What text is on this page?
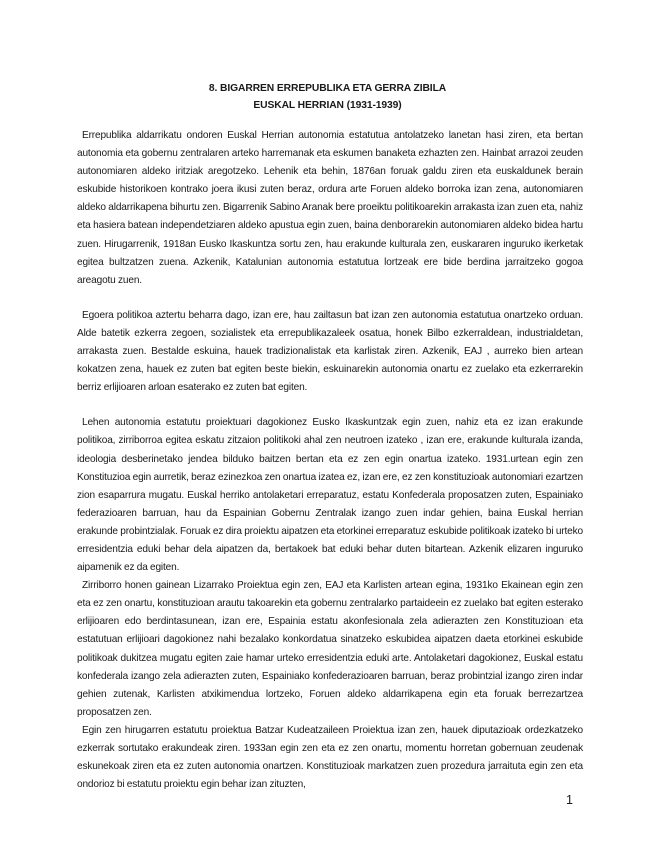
8. BIGARREN ERREPUBLIKA ETA GERRA ZIBILA
EUSKAL HERRIAN (1931-1939)

Errepublika aldarrikatu ondoren Euskal Herrian autonomia estatutua antolatzeko lanetan hasi ziren, eta bertan autonomia eta gobernu zentralaren arteko harremanak eta eskumen banaketa ezhazten zen. Hainbat arrazoi zeuden autonomiaren aldeko iritziak aregotzeko. Lehenik eta behin, 1876an foruak galdu ziren eta euskaldunek berain eskubide historikoen kontrako joera ikusi zuten beraz, ordura arte Foruen aldeko borroka izan zena, autonomiaren aldeko aldarrikapena bihurtu zen. Bigarrenik Sabino Aranak bere proeiktu politikoarekin arrakasta izan zuen eta, nahiz eta hasiera batean independetziaren aldeko apustua egin zuen, baina denborarekin autonomiaren aldeko bidea hartu zuen. Hirugarrenik, 1918an Eusko Ikaskuntza sortu zen, hau erakunde kulturala zen, euskararen inguruko ikerketak egitea bultzatzen zuena. Azkenik, Katalunian autonomia estatutua lortzeak ere bide berdina jarraitzeko gogoa areagotu zuen.

Egoera politikoa aztertu beharra dago, izan ere, hau zailtasun bat izan zen autonomia estatutua onartzeko orduan. Alde batetik ezkerra zegoen, sozialistek eta errepublikazaleek osatua, honek Bilbo ezkerraldean, industrialdetan, arrakasta zuen. Bestalde eskuina, hauek tradizionalistak eta karlistak ziren. Azkenik, EAJ , aurreko bien artean kokatzen zena, hauek ez zuten bat egiten beste biekin, eskuinarekin autonomia onartu ez zuelako eta ezkerrarekin berriz erlijioaren arloan esaterako ez zuten bat egiten.

Lehen autonomia estatutu proiektuari dagokionez Eusko Ikaskuntzak egin zuen, nahiz eta ez izan erakunde politikoa, zirriborroa egitea eskatu zitzaion politikoki ahal zen neutroen izateko , izan ere, erakunde kulturala izanda, ideologia desberinetako jendea bilduko baitzen bertan eta ez zen egin onartua izateko. 1931.urtean egin zen Konstituzioa egin aurretik, beraz ezinezkoa zen onartua izatea ez, izan ere, ez zen konstituzioak autonomiari ezartzen zion esaparrura mugatu. Euskal herriko antolaketari erreparatuz, estatu Konfederala proposatzen zuten, Espainiako federazioaren barruan, hau da Espainian Gobernu Zentralak izango zuen indar gehien, baina Euskal herrian erakunde probintzialak. Foruak ez dira proiektu aipatzen eta etorkinei erreparatuz eskubide politikoak izateko bi urteko erresidentzia eduki behar dela aipatzen da, bertakoek bat eduki behar duten bitartean. Azkenik elizaren inguruko aipamenik ez da egiten.

Zirriborro honen gainean Lizarrako Proiektua egin zen, EAJ eta Karlisten artean egina, 1931ko Ekainean egin zen eta ez zen onartu, konstituzioan arautu takoarekin eta gobernu zentralarko partaideein ez zuelako bat egiten esterako erlijioaren edo berdintasunean, izan ere, Espainia estatu akonfesionala zela adierazten zen Konstituzioan eta estatutuan erlijioari dagokionez nahi bezalako konkordatua sinatzeko eskubidea aipatzen daeta etorkinei eskubide politikoak dukitzea mugatu egiten zaie hamar urteko erresidentzia eduki arte. Antolaketari dagokionez, Euskal estatu konfederala izango zela adierazten zuten, Espainiako konfederazioaren barruan, beraz probintzial izango ziren indar gehien zutenak, Karlisten atxikimendua lortzeko, Foruen aldeko aldarrikapena egin eta foruak berrezartzea proposatzen zen.

Egin zen hirugarren estatutu proiektua Batzar Kudeatzaileen Proiektua izan zen, hauek diputazioak ordezkatzeko ezkerrak sortutako erakundeak ziren. 1933an egin zen eta ez zen onartu, momentu horretan gobernuan zeudenak eskunekoak ziren eta ez zuten autonomia onartzen. Konstituzioak markatzen zuen prozedura jarraituta egin zen eta ondorioz bi estatutu proiektu egin behar izan zituzten,

1
